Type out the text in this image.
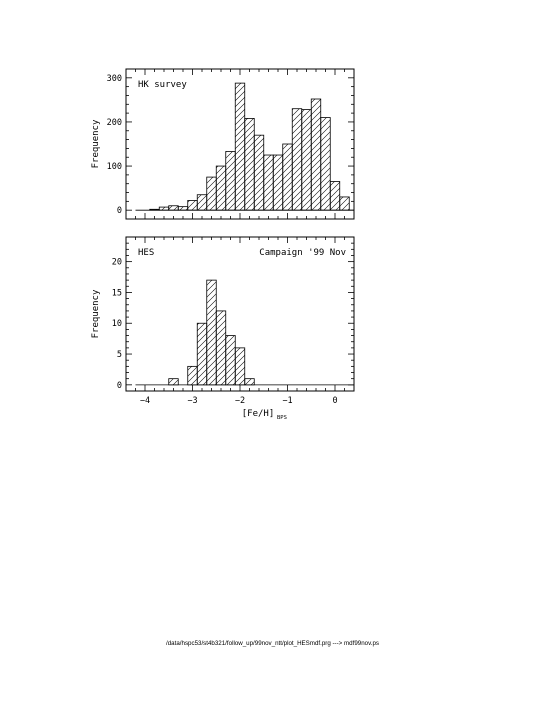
0
100
200
300
Frequency
HK survey
−4	−3	−2	−1	0
0
5
10
15
20
Frequency
HES	Campaign '99 Nov
[Fe/H] BPS
/data/hspc53/st4b321/follow_up/99nov_ntt/plot_HESmdf.prg ---> mdf99nov.ps
